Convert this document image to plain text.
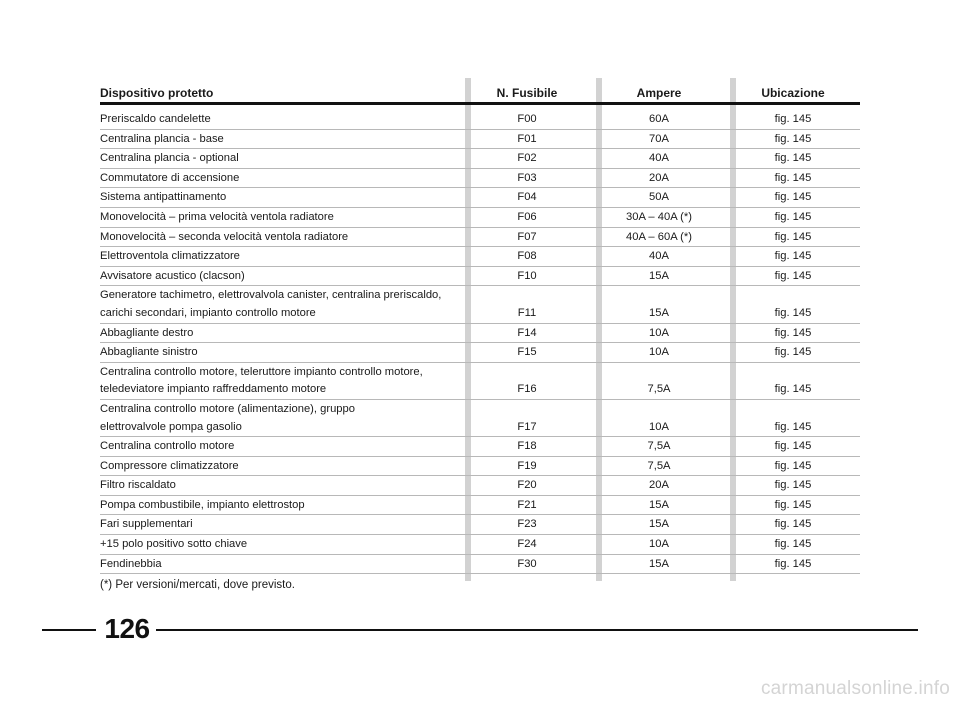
Dispositivo protetto	N. Fusibile	Ampere	Ubicazione
Preriscaldo candelette	F00	60A	fig. 145
Centralina plancia - base	F01	70A	fig. 145
Centralina plancia - optional	F02	40A	fig. 145
Commutatore di accensione	F03	20A	fig. 145
Sistema antipattinamento	F04	50A	fig. 145
Monovelocità – prima velocità ventola radiatore	F06	30A – 40A (*)	fig. 145
Monovelocità – seconda velocità ventola radiatore	F07	40A – 60A (*)	fig. 145
Elettroventola climatizzatore	F08	40A	fig. 145
Avvisatore acustico (clacson)	F10	15A	fig. 145
Generatore tachimetro, elettrovalvola canister, centralina preriscaldo,
carichi secondari, impianto controllo motore	F11	15A	fig. 145
Abbagliante destro	F14	10A	fig. 145
Abbagliante sinistro	F15	10A	fig. 145
Centralina controllo motore, teleruttore impianto controllo motore,
teledeviatore impianto raffreddamento motore	F16	7,5A	fig. 145
Centralina controllo motore (alimentazione), gruppo
elettrovalvole pompa gasolio	F17	10A	fig. 145
Centralina controllo motore	F18	7,5A	fig. 145
Compressore climatizzatore	F19	7,5A	fig. 145
Filtro riscaldato	F20	20A	fig. 145
Pompa combustibile, impianto elettrostop	F21	15A	fig. 145
Fari supplementari	F23	15A	fig. 145
+15 polo positivo sotto chiave	F24	10A	fig. 145
Fendinebbia	F30	15A	fig. 145
(*) Per versioni/mercati, dove previsto.
126
carmanualsonline.info
